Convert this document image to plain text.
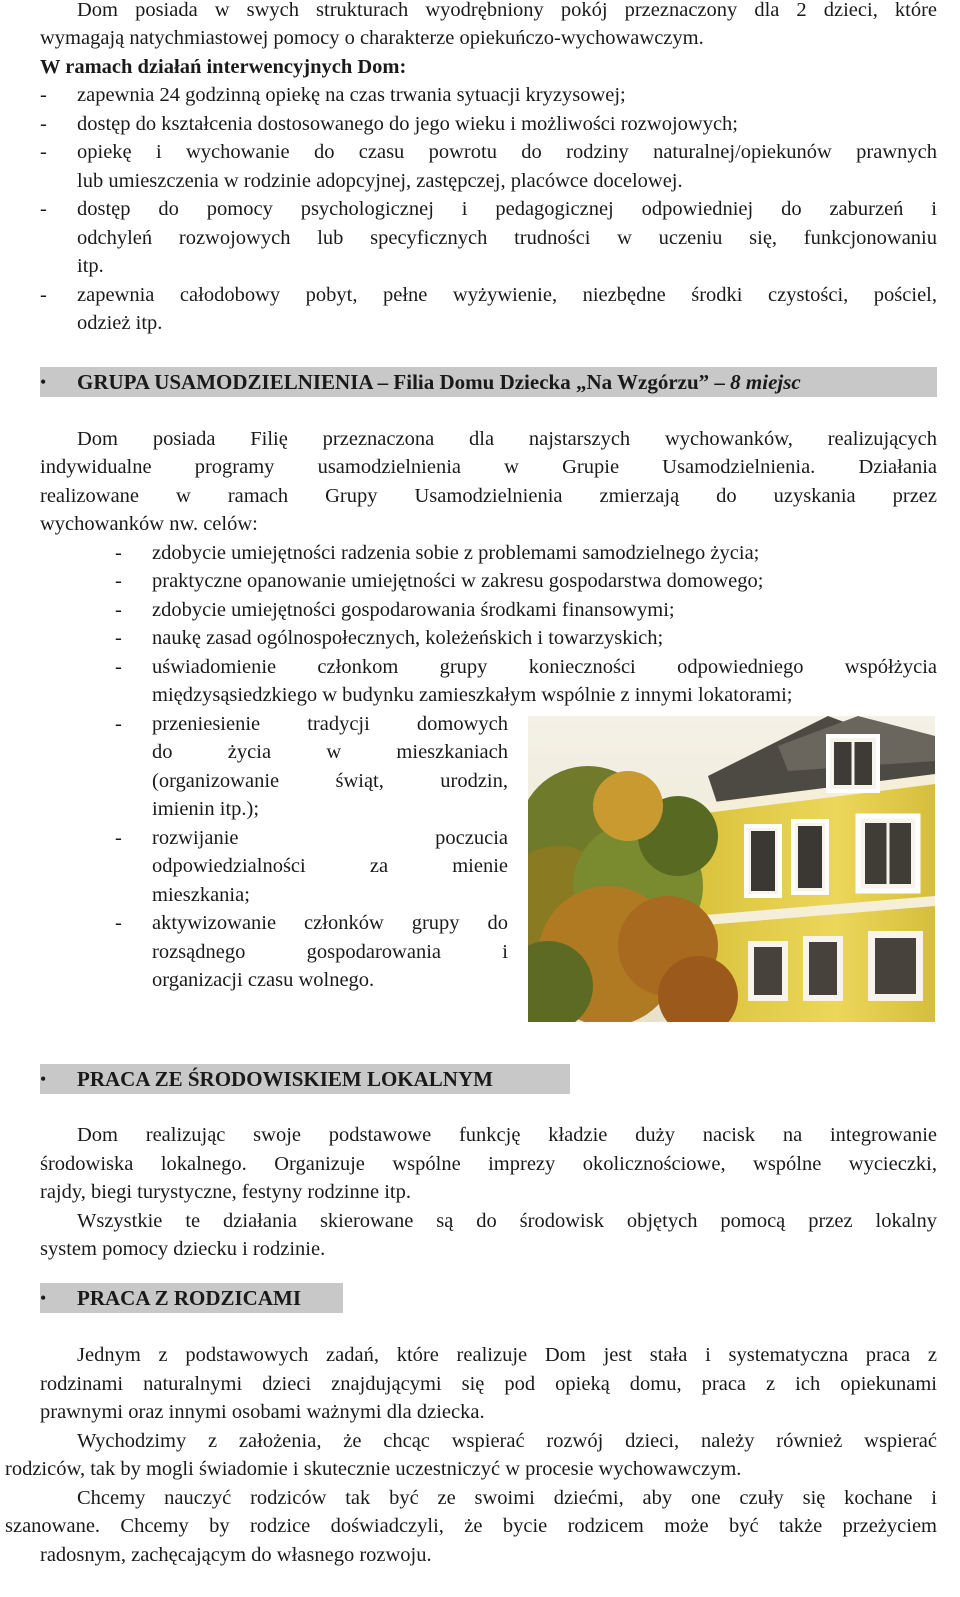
Dom posiada w swych strukturach wyodrębniony pokój przeznaczony dla 2 dzieci, które
wymagają natychmiastowej pomocy o charakterze opiekuńczo-wychowawczym.
W ramach działań interwencyjnych Dom:
- zapewnia 24 godzinną opiekę na czas trwania sytuacji kryzysowej;
- dostęp do kształcenia dostosowanego do jego wieku i możliwości rozwojowych;
- opiekę i wychowanie do czasu powrotu do rodziny naturalnej/opiekunów prawnych
lub umieszczenia w rodzinie adopcyjnej, zastępczej, placówce docelowej.
- dostęp do pomocy psychologicznej i pedagogicznej odpowiedniej do zaburzeń i
odchyleń rozwojowych lub specyficznych trudności w uczeniu się, funkcjonowaniu
itp.
- zapewnia całodobowy pobyt, pełne wyżywienie, niezbędne środki czystości, pościel,
odzież itp.
• GRUPA USAMODZIELNIENIA – Filia Domu Dziecka „Na Wzgórzu” – 8 miejsc
Dom posiada Filię przeznaczona dla najstarszych wychowanków, realizujących
indywidualne programy usamodzielnienia w Grupie Usamodzielnienia. Działania
realizowane w ramach Grupy Usamodzielnienia zmierzają do uzyskania przez
wychowanków nw. celów:
- zdobycie umiejętności radzenia sobie z problemami samodzielnego życia;
- praktyczne opanowanie umiejętności w zakresu gospodarstwa domowego;
- zdobycie umiejętności gospodarowania środkami finansowymi;
- naukę zasad ogólnospołecznych, koleżeńskich i towarzyskich;
- uświadomienie członkom grupy konieczności odpowiedniego współżycia
międzysąsiedzkiego w budynku zamieszkałym wspólnie z innymi lokatorami;
- przeniesienie tradycji domowych
do życia w mieszkaniach
(organizowanie świąt, urodzin,
imienin itp.);
- rozwijanie poczucia
odpowiedzialności za mienie
mieszkania;
- aktywizowanie członków grupy do
rozsądnego gospodarowania i
organizacji czasu wolnego.
• PRACA ZE ŚRODOWISKIEM LOKALNYM
Dom realizując swoje podstawowe funkcję kładzie duży nacisk na integrowanie
środowiska lokalnego. Organizuje wspólne imprezy okolicznościowe, wspólne wycieczki,
rajdy, biegi turystyczne, festyny rodzinne itp.
Wszystkie te działania skierowane są do środowisk objętych pomocą przez lokalny
system pomocy dziecku i rodzinie.
• PRACA Z RODZICAMI
Jednym z podstawowych zadań, które realizuje Dom jest stała i systematyczna praca z
rodzinami naturalnymi dzieci znajdującymi się pod opieką domu, praca z ich opiekunami
prawnymi oraz innymi osobami ważnymi dla dziecka.
Wychodzimy z założenia, że chcąc wspierać rozwój dzieci, należy również wspierać
rodziców, tak by mogli świadomie i skutecznie uczestniczyć w procesie wychowawczym.
Chcemy nauczyć rodziców tak być ze swoimi dziećmi, aby one czuły się kochane i
szanowane. Chcemy by rodzice doświadczyli, że bycie rodzicem może być także przeżyciem
radosnym, zachęcającym do własnego rozwoju.
